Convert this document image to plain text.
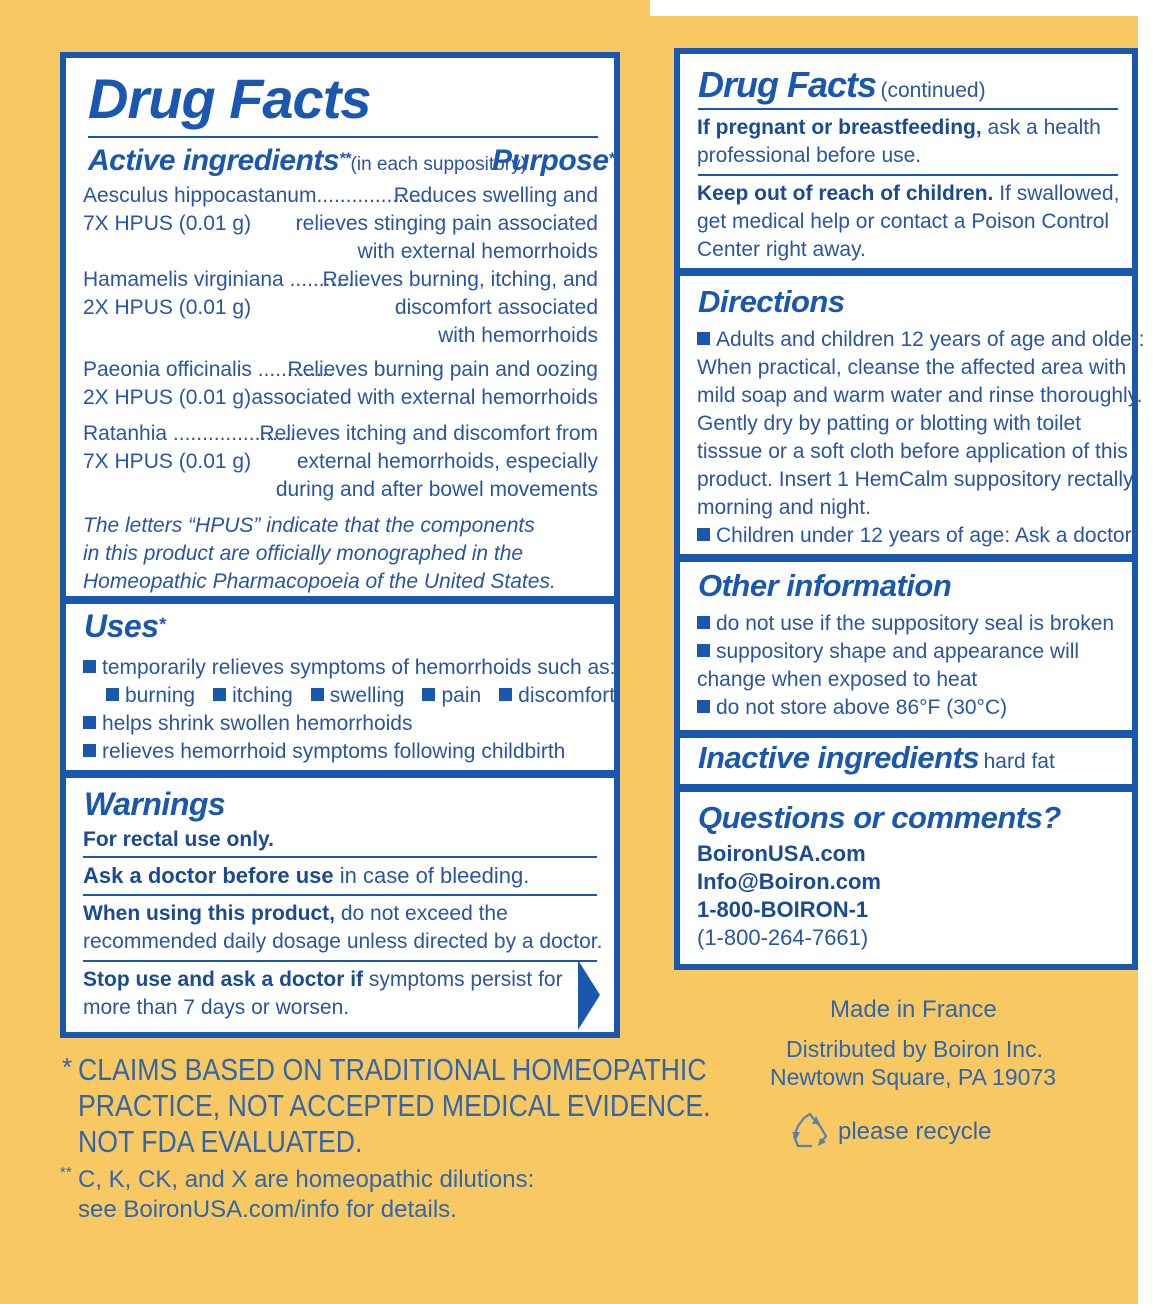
Drug Facts
Active ingredients**(in each suppository)
Purpose*
Aesculus hippocastanum....................
7X HPUS (0.01 g)
Reduces swelling and
relieves stinging pain associated
with external hemorrhoids
Hamamelis virginiana .............
2X HPUS (0.01 g)
Relieves burning, itching, and
discomfort associated
with hemorrhoids
Paeonia officinalis .............
2X HPUS (0.01 g)
Relieves burning pain and oozing
associated with external hemorrhoids
Ratanhia .....................
7X HPUS (0.01 g)
Relieves itching and discomfort from
external hemorrhoids, especially
during and after bowel movements
The letters “HPUS” indicate that the components
in this product are officially monographed in the
Homeopathic Pharmacopoeia of the United States.
Uses*
temporarily relieves symptoms of hemorrhoids such as:
burning itching swelling pain discomfort
helps shrink swollen hemorrhoids
relieves hemorrhoid symptoms following childbirth
Warnings
For rectal use only.
Ask a doctor before use in case of bleeding.
When using this product, do not exceed the
recommended daily dosage unless directed by a doctor.
Stop use and ask a doctor if symptoms persist for
more than 7 days or worsen.
* CLAIMS BASED ON TRADITIONAL HOMEOPATHIC
PRACTICE, NOT ACCEPTED MEDICAL EVIDENCE.
NOT FDA EVALUATED.
** C, K, CK, and X are homeopathic dilutions:
see BoironUSA.com/info for details.
Drug Facts (continued)
If pregnant or breastfeeding, ask a health
professional before use.
Keep out of reach of children. If swallowed,
get medical help or contact a Poison Control
Center right away.
Directions
Adults and children 12 years of age and older:
When practical, cleanse the affected area with
mild soap and warm water and rinse thoroughly.
Gently dry by patting or blotting with toilet
tisssue or a soft cloth before application of this
product. Insert 1 HemCalm suppository rectally
morning and night.
Children under 12 years of age: Ask a doctor.
Other information
do not use if the suppository seal is broken
suppository shape and appearance will
change when exposed to heat
do not store above 86°F (30°C)
Inactive ingredients hard fat
Questions or comments?
BoironUSA.com
Info@Boiron.com
1-800-BOIRON-1
(1-800-264-7661)
Made in France
Distributed by Boiron Inc.
Newtown Square, PA 19073
please recycle
